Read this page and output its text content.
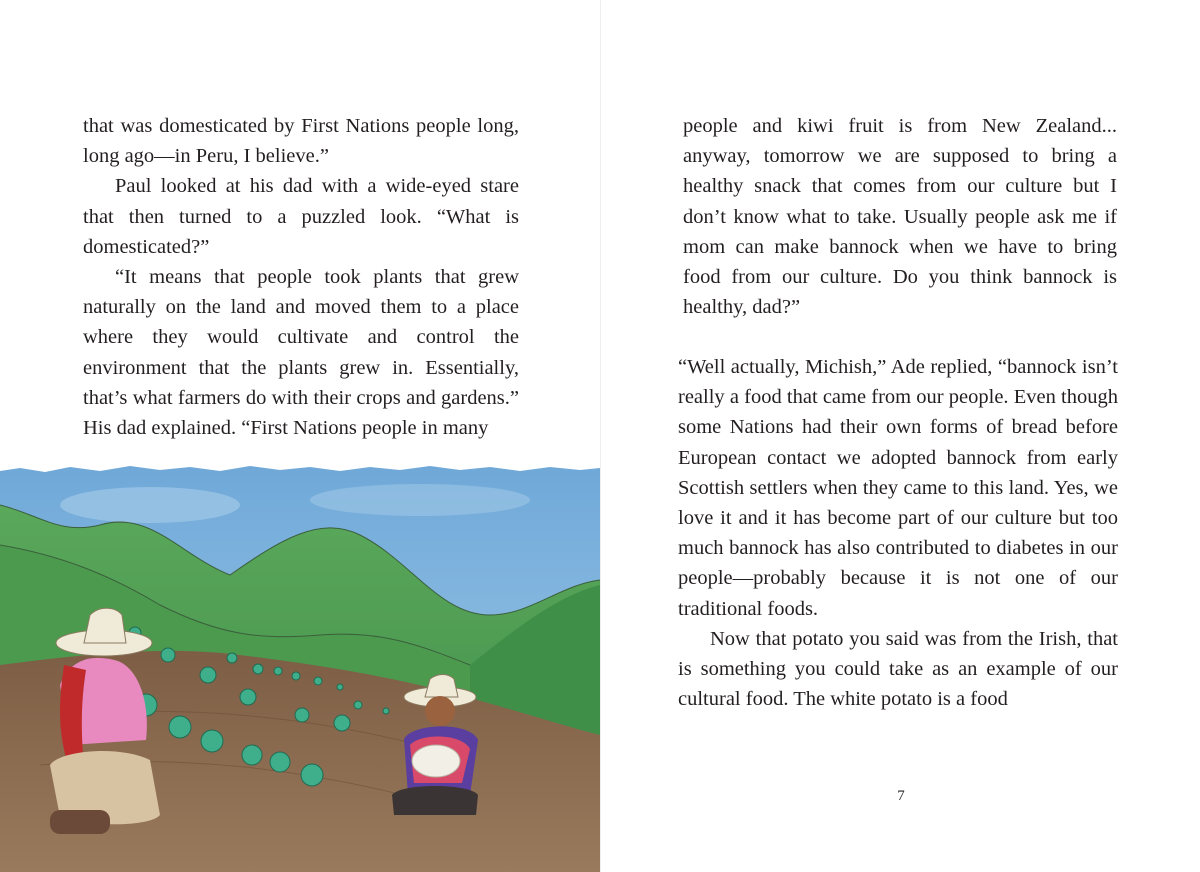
that was domesticated by First Nations people long, long ago—in Peru, I believe.”

Paul looked at his dad with a wide-eyed stare that then turned to a puzzled look. “What is domesticated?”

“It means that people took plants that grew naturally on the land and moved them to a place where they would cultivate and control the environment that the plants grew in. Essentially, that’s what farmers do with their crops and gardens.” His dad explained. “First Nations people in many

people and kiwi fruit is from New Zealand... anyway, tomorrow we are supposed to bring a healthy snack that comes from our culture but I don’t know what to take. Usually people ask me if mom can make bannock when we have to bring food from our culture. Do you think bannock is healthy, dad?”

“Well actually, Michish,” Ade replied, “bannock isn’t really a food that came from our people. Even though some Nations had their own forms of bread before European contact we adopted bannock from early Scottish settlers when they came to this land. Yes, we love it and it has become part of our culture but too much bannock has also contributed to diabetes in our people—probably because it is not one of our traditional foods.

Now that potato you said was from the Irish, that is something you could take as an example of our cultural food. The white potato is a food

7
